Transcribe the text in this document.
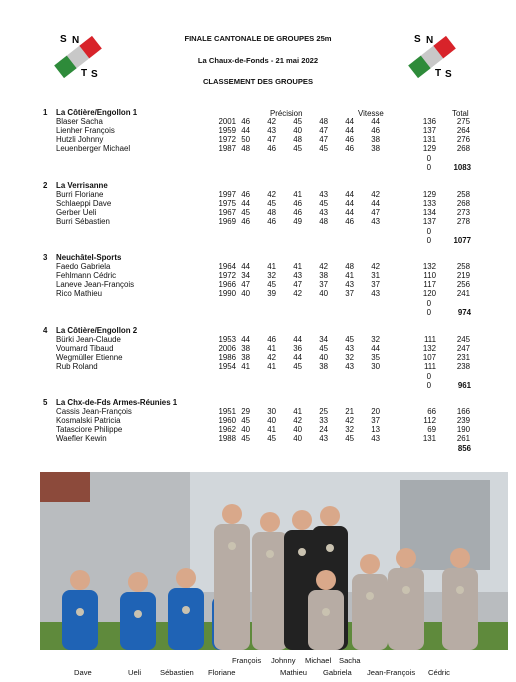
FINALE CANTONALE DE GROUPES 25m
La Chaux-de-Fonds - 21 mai 2022
CLASSEMENT DES GROUPES
S N
T S
S N
T S
Précision	Vitesse	Total
1 La Côtière/Engollon 1
Blaser Sacha	2001 46	42	45	48	44	44	136	275
Lienher François	1959 44	43	40	47	44	46	137	264
Hutzli Johnny	1972 50	47	48	47	46	38	131	276
Leuenberger Michael	1987 48	46	45	45	46	38	129	268
0
0	1083
2 La Verrisanne
Burri Floriane	1997 46	42	41	43	44	42	129	258
Schlaeppi Dave	1975 44	45	46	45	44	44	133	268
Gerber Ueli	1967 45	48	46	43	44	47	134	273
Burri Sébastien	1969 46	46	49	48	46	43	137	278
0
0	1077
3 Neuchâtel-Sports
Faedo Gabriela	1964 44	41	41	42	48	42	132	258
Fehlmann Cédric	1972 34	32	43	38	41	31	110	219
Laneve Jean-François	1966 47	45	47	37	43	37	117	256
Rico Mathieu	1990 40	39	42	40	37	43	120	241
0
0	974
4 La Côtière/Engollon 2
Bürki Jean-Claude	1953 44	46	44	34	45	32	111	245
Voumard Tibaud	2006 38	41	36	45	43	44	132	247
Wegmüller Etienne	1986 38	42	44	40	32	35	107	231
Rub Roland	1954 41	41	45	38	43	30	111	238
0
0	961
5 La Chx-de-Fds Armes-Réunies 1
Cassis Jean-François	1951 29	30	41	25	21	20	66	166
Kosmalski Patricia	1960 45	40	42	33	42	37	112	239
Tatasciore Philippe	1962 40	41	40	24	32	13	69	190
Waefler Kewin	1988 45	45	40	43	45	43	131	261
856
François Johnny Michael Sacha
Dave	Ueli Sébastien Floriane	Mathieu Gabriela Jean-François Cédric
